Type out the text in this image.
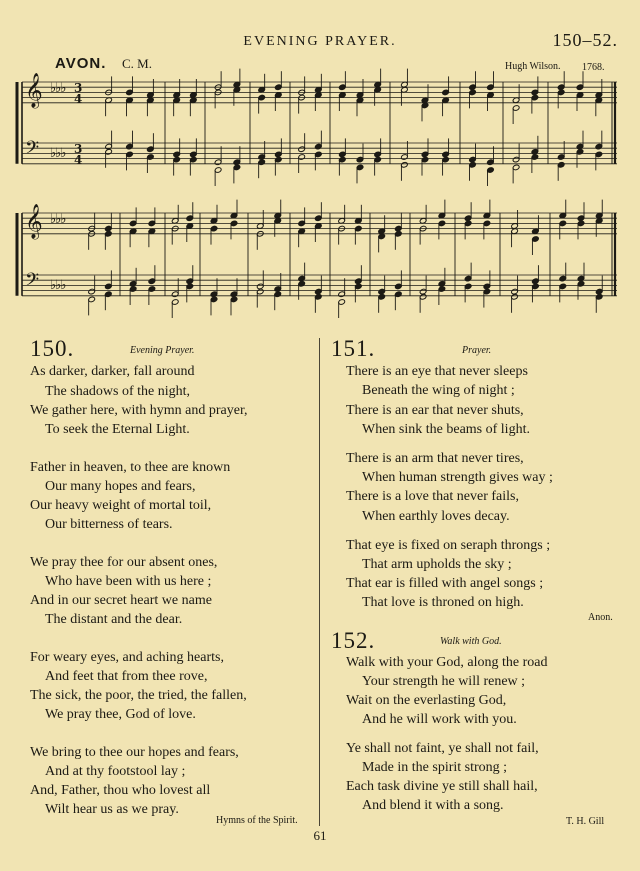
EVENING PRAYER.	150–52.
AVON. C. M.	Hugh Wilson. 1768.
𝄞 ♭♭♭ 3
4
𝄢 ♭♭♭ 3
4
𝄞 ♭♭♭
𝄢 ♭♭♭
150.	Evening Prayer.
As darker, darker, fall around
The shadows of the night,
We gather here, with hymn and prayer,
To seek the Eternal Light.
Father in heaven, to thee are known
Our many hopes and fears,
Our heavy weight of mortal toil,
Our bitterness of tears.
We pray thee for our absent ones,
Who have been with us here ;
And in our secret heart we name
The distant and the dear.
For weary eyes, and aching hearts,
And feet that from thee rove,
The sick, the poor, the tried, the fallen,
We pray thee, God of love.
We bring to thee our hopes and fears,
And at thy footstool lay ;
And, Father, thou who lovest all
Wilt hear us as we pray.
Hymns of the Spirit.
151.	Prayer.
There is an eye that never sleeps
Beneath the wing of night ;
There is an ear that never shuts,
When sink the beams of light.
There is an arm that never tires,
When human strength gives way ;
There is a love that never fails,
When earthly loves decay.
That eye is fixed on seraph throngs ;
That arm upholds the sky ;
That ear is filled with angel songs ;
That love is throned on high.
Anon.
152.	Walk with God.
Walk with your God, along the road
Your strength he will renew ;
Wait on the everlasting God,
And he will work with you.
Ye shall not faint, ye shall not fail,
Made in the spirit strong ;
Each task divine ye still shall hail,
And blend it with a song.
T. H. Gill
61
